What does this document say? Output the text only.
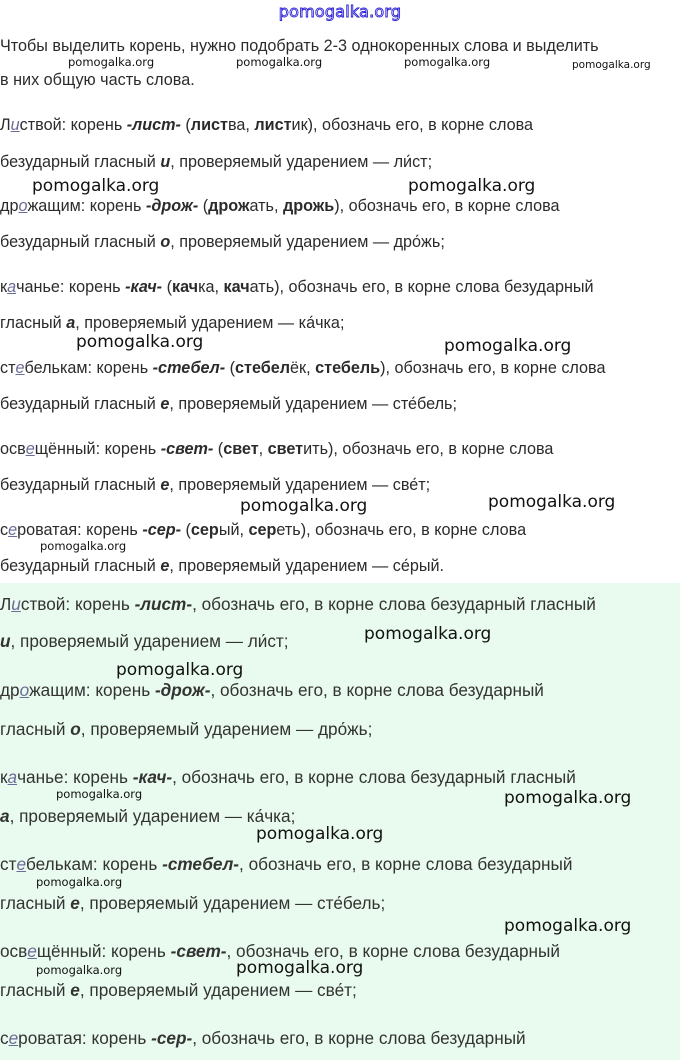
pomogalka.org

Чтобы выделить корень, нужно подобрать 2-3 однокоренных слова и выделить

в них общую часть слова.

Листвой: корень -лист- (листва, листик), обозначь его, в корне слова

безударный гласный и, проверяемый ударением — ли́ст;

дрожащим: корень -дрож- (дрожать, дрожь), обозначь его, в корне слова

безударный гласный о, проверяемый ударением — дро́жь;

качанье: корень -кач- (качка, качать), обозначь его, в корне слова безударный

гласный а, проверяемый ударением — ка́чка;

стебелькам: корень -стебел- (стебелёк, стебель), обозначь его, в корне слова

безударный гласный е, проверяемый ударением — сте́бель;

освещённый: корень -свет- (свет, светить), обозначь его, в корне слова

безударный гласный е, проверяемый ударением — све́т;

сероватая: корень -сер- (серый, сереть), обозначь его, в корне слова

безударный гласный е, проверяемый ударением — се́рый.

Листвой: корень -лист-, обозначь его, в корне слова безударный гласный

и, проверяемый ударением — ли́ст;

дрожащим: корень -дрож-, обозначь его, в корне слова безударный

гласный о, проверяемый ударением — дро́жь;

качанье: корень -кач-, обозначь его, в корне слова безударный гласный

а, проверяемый ударением — ка́чка;

стебелькам: корень -стебел-, обозначь его, в корне слова безударный

гласный е, проверяемый ударением — сте́бель;

освещённый: корень -свет-, обозначь его, в корне слова безударный

гласный е, проверяемый ударением — све́т;

сероватая: корень -сер-, обозначь его, в корне слова безударный

pomogalka.org	pomogalka.org	pomogalka.org	pomogalka.org
pomogalka.org	pomogalka.org
pomogalka.org	pomogalka.org
pomogalka.org	pomogalka.org
pomogalka.org
pomogalka.org
pomogalka.org
pomogalka.org	pomogalka.org
pomogalka.org
pomogalka.org
pomogalka.org
pomogalka.org	pomogalka.org
